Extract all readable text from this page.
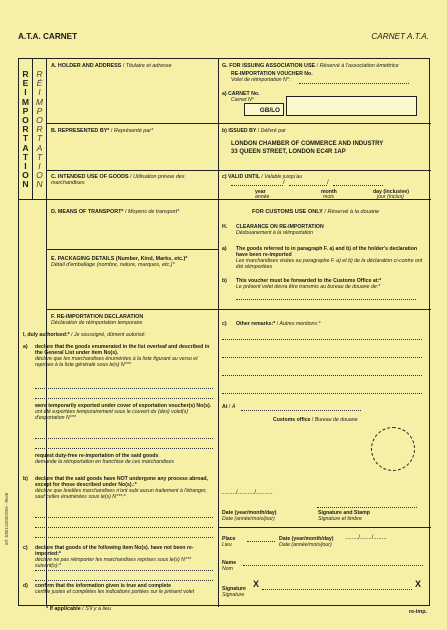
A.T.A. CARNET	CARNET A.T.A.
R
E
I
M
P
O
R
T
A
T
I
O
N
R
É
I
M
P
O
R
T
A
T
I
O
N
A. HOLDER AND ADDRESS / Titulaire et adresse
B. REPRESENTED BY* / Représenté par*
C. INTENDED USE OF GOODS / Utilisation prévue des marchandises
D. MEANS OF TRANSPORT* / Moyens de transport*
E. PACKAGING DETAILS (Number, Kind, Marks, etc.)*
Détail d'emballage (nombre, nature, marques, etc.)*
G. FOR ISSUING ASSOCIATION USE / Réservé à l'association émettrice
RE-IMPORTATION VOUCHER No.
Volet de réimportation N°:
a) CARNET No.
Carnet N°
GB/LO
b) ISSUED BY / Délivré par
LONDON CHAMBER OF COMMERCE AND INDUSTRY
33 QUEEN STREET, LONDON EC4R 1AP
c) VALID UNTIL / Valable jusqu'au
/	/
year
année
month
mois
day (inclusive)
jour (inclus)
FOR CUSTOMS USE ONLY / Réservé à la douane
H. CLEARANCE ON RE-IMPORTATION
Dédouanement à la réimportation
a) The goods referred to in paragraph F. a) and b) of the holder's declaration have been re-imported
Les marchandises visées au paragraphe F. a) et b) de la déclaration ci-contre ont été réimportées
b) This voucher must be forwarded to the Customs Office at:*
Le présent volet devra être transmis au bureau de douane de:*
c) Other remarks:* / Autres mentions:*
At / À
Customs office / Bureau de douane
........./........../..........
Date (year/month/day)
Date (année/mois/jour)
Signature and Stamp
Signature et timbre
F. RE-IMPORTATION DECLARATION
Déclaration de réimportation temporaire
I, duly authorised:* / Je soussigné, dûment autorisé:
a) declare that the goods enumerated in the list overleaf and described in the General List under item No(s).
déclare que les marchandises énumérées à la liste figurant au verso et reprises à la liste générale sous le(s) N°**
were temporarily exported under cover of exportation voucher(s) No(s).
ont été exportées temporairement sous le couvert du (des) volet(s) d'exportation N°**
request duty-free re-importation of the said goods
demande la réimportation en franchise de ces marchandises
b) declare that the said goods have NOT undergone any process abroad, except for those described under No(s).:*
déclare que lesdites marchandises n'ont subi aucun traitement à l'étranger, sauf celles énumérées sous le(s) N°**:*
c) declare that goods of the following item No(s). have not been re-imported:*
déclare ne pas réimporter les marchandises reprises sous le(s) N°** suivant(s):*
d) confirm that the information given is true and complete
certifie justes et complètes les indications portées sur le présent volet
Place
Lieu
Date (year/month/day)
Date (année/mois/jour)
......../......./........
Name
Nom
Signature
Signature
X	X
ref: 3/001/1000/2005 - Rev8
* If applicable / S'il y a lieu	re-imp.
